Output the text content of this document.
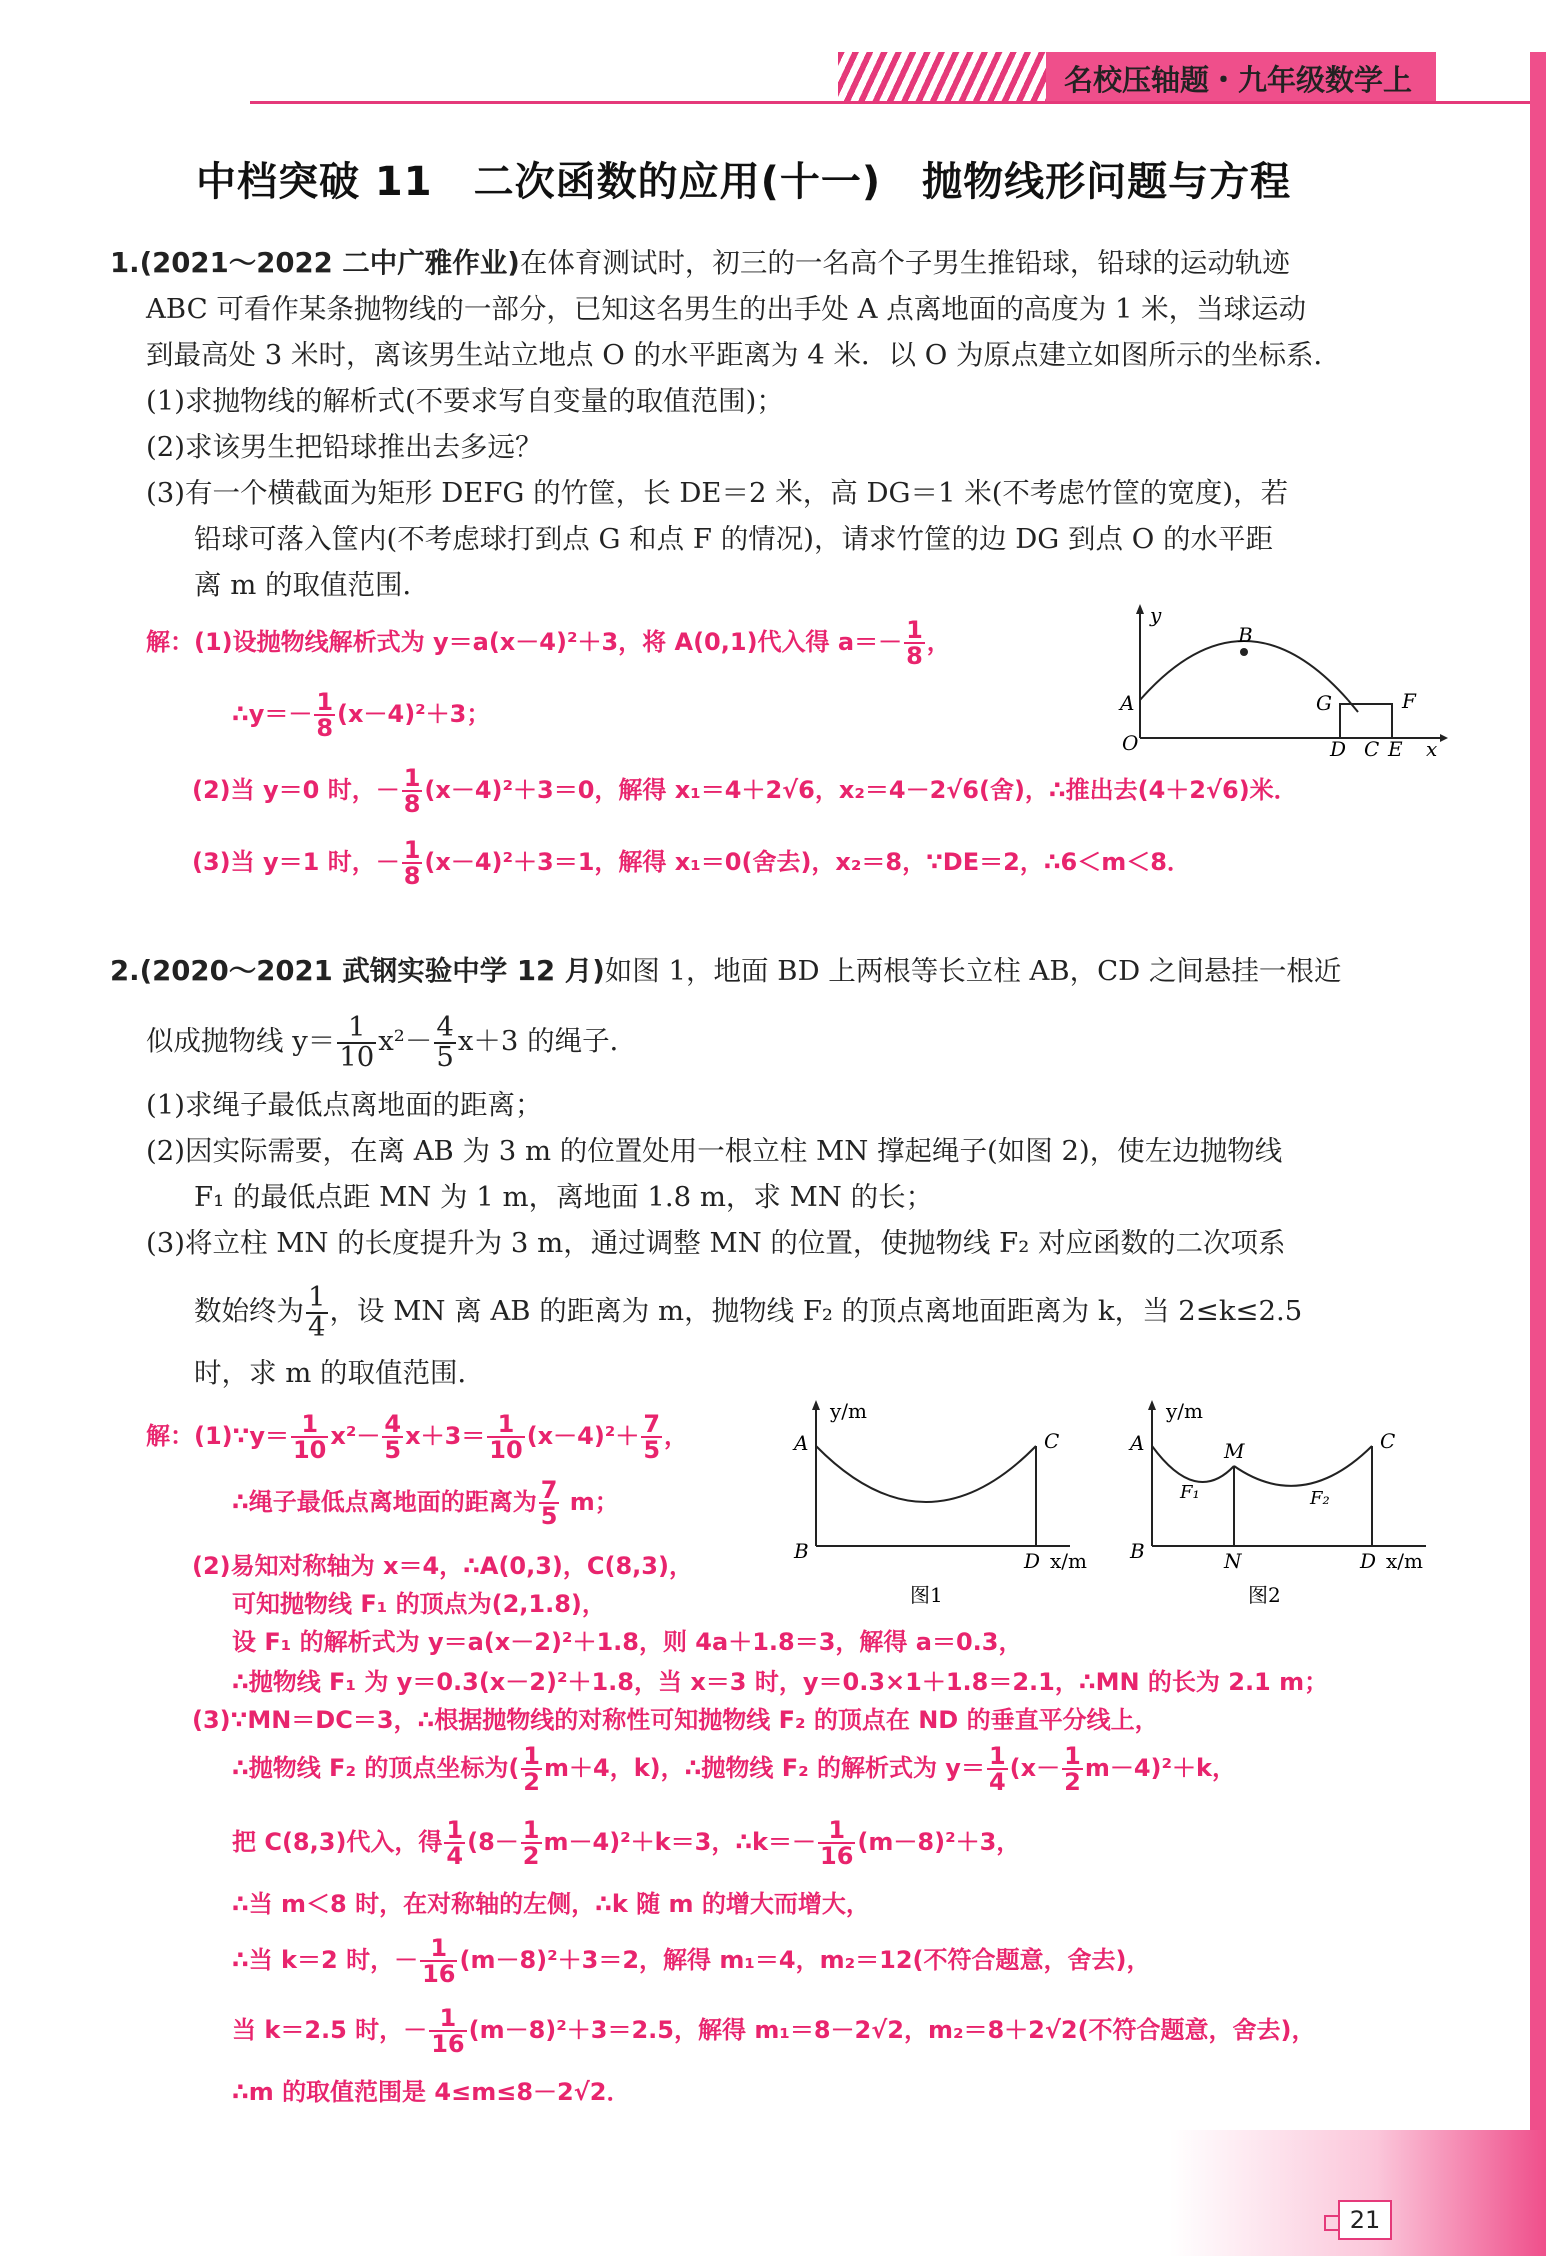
名校压轴题・九年级数学上
中档突破 11　二次函数的应用(十一)　抛物线形问题与方程
1.(2021～2022 二中广雅作业)在体育测试时，初三的一名高个子男生推铅球，铅球的运动轨迹
ABC 可看作某条抛物线的一部分，已知这名男生的出手处 A 点离地面的高度为 1 米，当球运动
到最高处 3 米时，离该男生站立地点 O 的水平距离为 4 米．以 O 为原点建立如图所示的坐标系．
(1)求抛物线的解析式(不要求写自变量的取值范围)；
(2)求该男生把铅球推出去多远？
(3)有一个横截面为矩形 DEFG 的竹筐，长 DE＝2 米，高 DG＝1 米(不考虑竹筐的宽度)，若
铅球可落入筐内(不考虑球打到点 G 和点 F 的情况)，请求竹筐的边 DG 到点 O 的水平距
离 m 的取值范围．
解：(1)设抛物线解析式为 y＝a(x－4)²＋3，将 A(0,1)代入得 $a=- \frac{1}{8}$ ，
∴y＝－ $\frac{1}{8} (x-4)^2+3$；
(2)当 y＝0 时，－ $\frac{1}{8} (x-4)^2+3=0$，解得 x₁＝4＋2√6，x₂＝4－2√6(舍)，∴推出去(4＋2√6)米．
(3)当 y＝1 时，－ $\frac{1}{8} (x-4)^2+3=1$，解得 x₁＝0(舍去)，x₂＝8，∵DE＝2，∴6＜m＜8．
y
B
A
O
G	F
D C E x
2.(2020～2021 武钢实验中学 12 月)如图 1，地面 BD 上两根等长立柱 AB，CD 之间悬挂一根近
似成抛物线 $y= \frac{1}{10} x^2- \frac{4}{5} x+3$ 的绳子．
(1)求绳子最低点离地面的距离；
(2)因实际需要，在离 AB 为 3 m 的位置处用一根立柱 MN 撑起绳子(如图 2)，使左边抛物线
F₁ 的最低点距 MN 为 1 m，离地面 1.8 m，求 MN 的长；
(3)将立柱 MN 的长度提升为 3 m，通过调整 MN 的位置，使抛物线 F₂ 对应函数的二次项系
数始终为 $\frac{1}{4}$ ，设 MN 离 AB 的距离为 m，抛物线 F₂ 的顶点离地面距离为 k，当 2≤k≤2.5
时，求 m 的取值范围．
解：(1)∵y＝ $\frac{1}{10} x^2- \frac{4}{5} x+3= \frac{1}{10} (x-4)^2+ \frac{7}{5}$ ，
∴绳子最低点离地面的距离为 $\frac{7}{5}$ m；
(2)易知对称轴为 x＝4，∴A(0,3)，C(8,3)，
可知抛物线 F₁ 的顶点为(2,1.8)，
设 F₁ 的解析式为 y＝a(x－2)²＋1.8，则 4a＋1.8＝3，解得 a＝0.3，
∴抛物线 F₁ 为 y＝0.3(x－2)²＋1.8，当 x＝3 时，y＝0.3×1＋1.8＝2.1，∴MN 的长为 2.1 m；
(3)∵MN＝DC＝3，∴根据抛物线的对称性可知抛物线 F₂ 的顶点在 ND 的垂直平分线上，
∴抛物线 F₂ 的顶点坐标为( $\frac{1}{2} m+4$，k)，∴抛物线 F₂ 的解析式为 $y= \frac{1}{4} (x- \frac{1}{2} m-4)^2+k$，
把 C(8,3)代入，得 $\frac{1}{4} (8- \frac{1}{2} m-4)^2+k=3$，∴k＝－ $\frac{1}{16} (m-8)^2+3$，
∴当 m＜8 时，在对称轴的左侧，∴k 随 m 的增大而增大，
∴当 k＝2 时，－ $\frac{1}{16} (m-8)^2+3=2$，解得 m₁＝4，m₂＝12(不符合题意，舍去)，
当 k＝2.5 时，－ $\frac{1}{16} (m-8)^2+3=2.5$，解得 m₁＝8－2√2，m₂＝8＋2√2(不符合题意，舍去)，
∴m 的取值范围是 4≤m≤8－2√2．
y/m
A	C
B	D x/m
图1
y/m
A	C
M
F₁	F₂
B	N	D x/m
图2
21
